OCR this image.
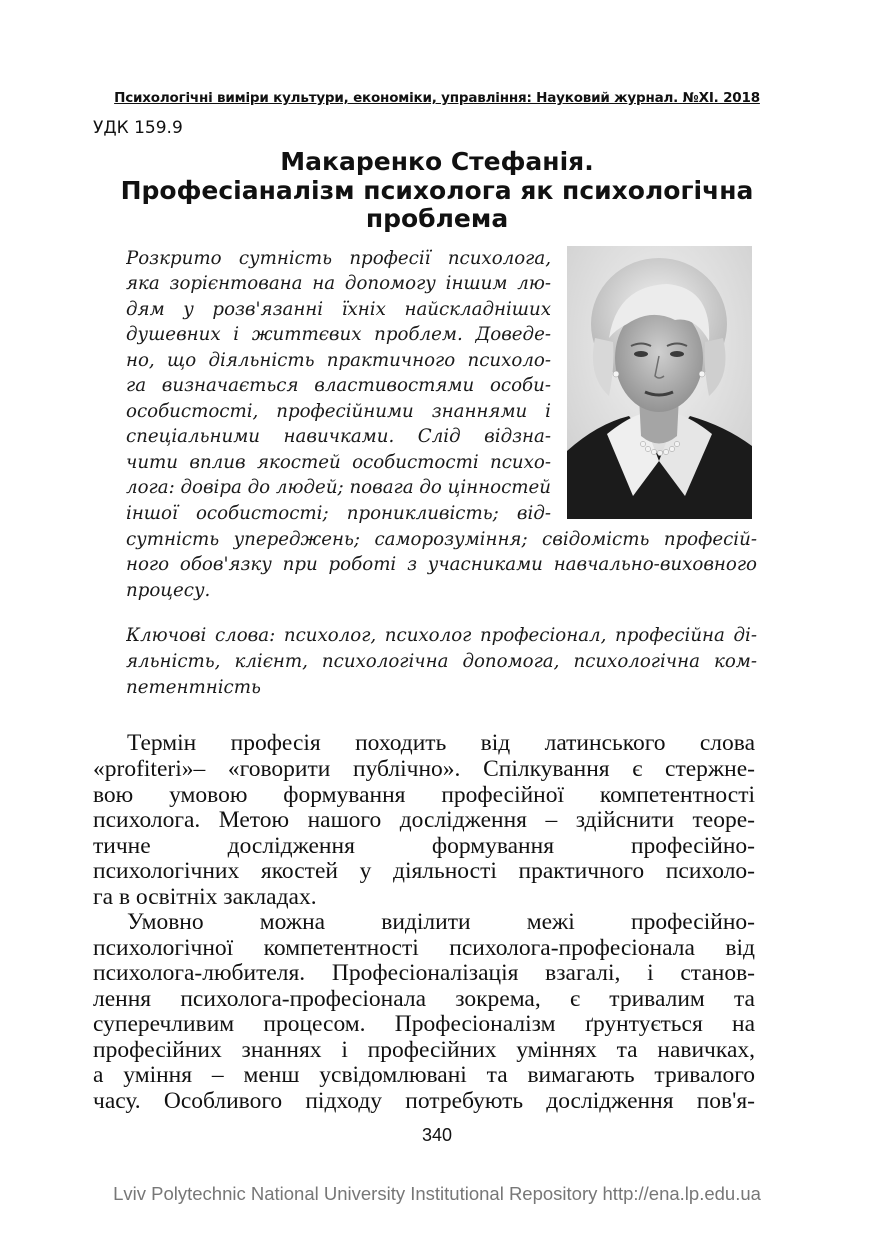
Психологічні виміри культури, економіки, управління: Науковий журнал. №ХІ. 2018
УДК 159.9
Макаренко Стефанія.
Професіаналізм психолога як психологічна
проблема
Розкрито сутність професії психолога,
яка зорієнтована на допомогу іншим лю-
дям у розв'язанні їхніх найскладніших
душевних і життєвих проблем. Доведе-
но, що діяльність практичного психоло-
га визначається властивостями особи-
особистості, професійними знаннями і
спеціальними навичками. Слід відзна-
чити вплив якостей особистості психо-
лога: довіра до людей; повага до цінностей
іншої особистості; проникливість; від-
сутність упереджень; саморозуміння; свідомість професій-
ного обов'язку при роботі з учасниками навчально-виховного
процесу.
Ключові слова: психолог, психолог професіонал, професійна ді-
яльність, клієнт, психологічна допомога, психологічна ком-
петентність
Термін професія походить від латинського слова
«profiteri»– «говорити публічно». Спілкування є стержне-
вою умовою формування професійної компетентності
психолога. Метою нашого дослідження – здійснити теоре-
тичне дослідження формування професійно-
психологічних якостей у діяльності практичного психоло-
га в освітніх закладах.
Умовно можна виділити межі професійно-
психологічної компетентності психолога-професіонала від
психолога-любителя. Професіоналізація взагалі, і станов-
лення психолога-професіонала зокрема, є тривалим та
суперечливим процесом. Професіоналізм ґрунтується на
професійних знаннях і професійних уміннях та навичках,
а уміння – менш усвідомлювані та вимагають тривалого
часу. Особливого підходу потребують дослідження пов'я-
340
Lviv Polytechnic National University Institutional Repository http://ena.lp.edu.ua
